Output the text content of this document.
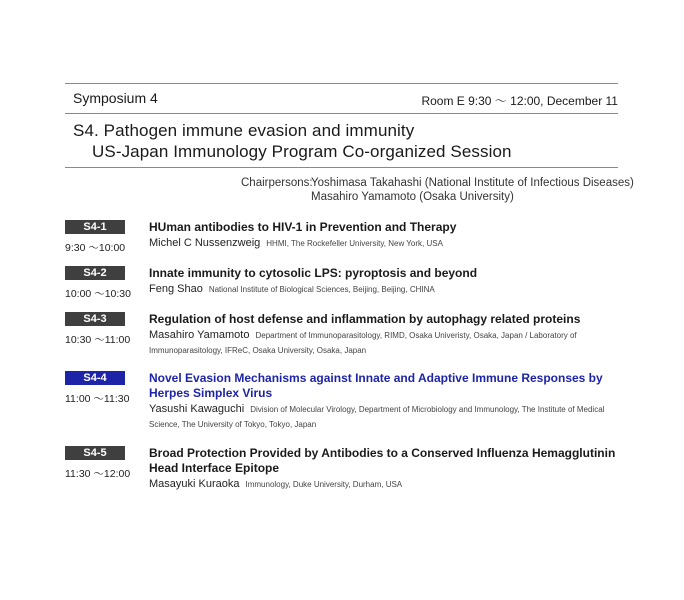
Symposium 4	Room E 9:30 ～ 12:00, December 11
S4. Pathogen immune evasion and immunity
US-Japan Immunology Program Co-organized Session
Chairpersons:
Yoshimasa Takahashi (National Institute of Infectious Diseases)
Masahiro Yamamoto (Osaka University)
S4-1
9:30 ～10:00
HUman antibodies to HIV-1 in Prevention and Therapy
Michel C Nussenzweig HHMI, The Rockefeller University, New York, USA
S4-2
10:00 ～10:30
Innate immunity to cytosolic LPS: pyroptosis and beyond
Feng Shao National Institute of Biological Sciences, Beijing, Beijing, CHINA
S4-3
10:30 ～11:00
Regulation of host defense and inflammation by autophagy related proteins
Masahiro Yamamoto Department of Immunoparasitology, RIMD, Osaka Univeristy, Osaka, Japan / Laboratory of Immunoparasitology, IFReC, Osaka University, Osaka, Japan
S4-4
11:00 ～11:30
Novel Evasion Mechanisms against Innate and Adaptive Immune Responses by Herpes Simplex Virus
Yasushi Kawaguchi Division of Molecular Virology, Department of Microbiology and Immunology, The Institute of Medical Science, The University of Tokyo, Tokyo, Japan
S4-5
11:30 ～12:00
Broad Protection Provided by Antibodies to a Conserved Influenza Hemagglutinin Head Interface Epitope
Masayuki Kuraoka Immunology, Duke University, Durham, USA
